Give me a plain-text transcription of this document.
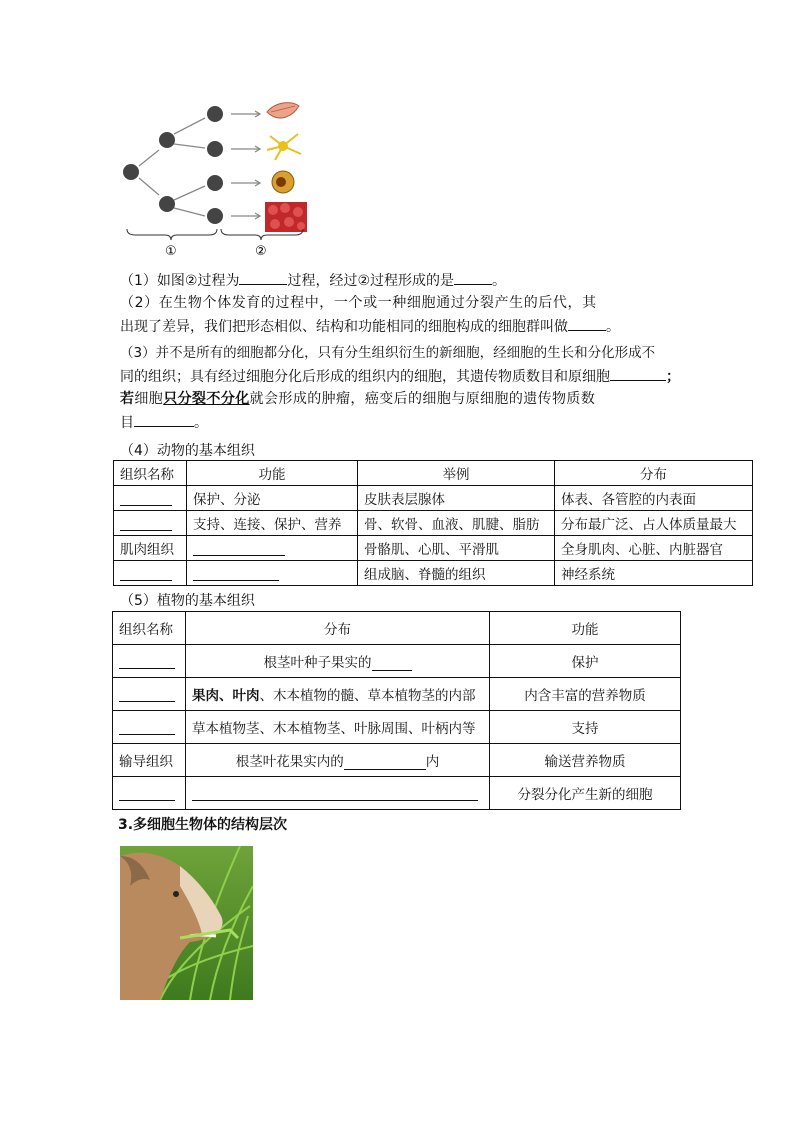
①	②
（1）如图②过程为	过程，经过②过程形成的是	。
（2）在生物个体发育的过程中，一个或一种细胞通过分裂产生的后代，其
出现了差异，我们把形态相似、结构和功能相同的细胞构成的细胞群叫做	。
（3）并不是所有的细胞都分化，只有分生组织衍生的新细胞，经细胞的生长和分化形成不
同的组织；具有经过细胞分化后形成的组织内的细胞，其遗传物质数目和原细胞	；
若细胞只分裂不分化就会形成的肿瘤，癌变后的细胞与原细胞的遗传物质数
目	。
（4）动物的基本组织
组织名称	功能	举例	分布
	保护、分泌	皮肤表层腺体	体表、各管腔的内表面
	支持、连接、保护、营养	骨、软骨、血液、肌腱、脂肪	分布最广泛、占人体质量最大
肌肉组织		骨骼肌、心肌、平滑肌	全身肌肉、心脏、内脏器官
		组成脑、脊髓的组织	神经系统
（5）植物的基本组织
组织名称	分布	功能
	根茎叶种子果实的	保护
	果肉、叶肉、木本植物的髓、草本植物茎的内部	内含丰富的营养物质
	草本植物茎、木本植物茎、叶脉周围、叶柄内等	支持
输导组织	根茎叶花果实内的 内	输送营养物质
		分裂分化产生新的细胞
3.多细胞生物体的结构层次
